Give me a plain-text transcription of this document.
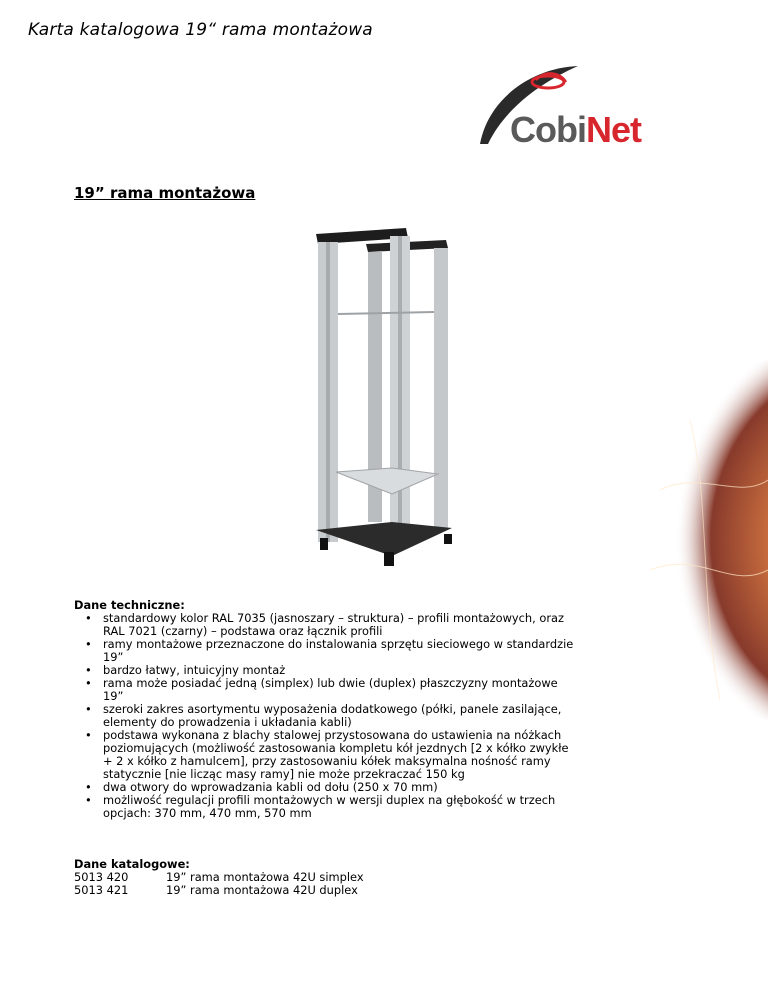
Karta katalogowa 19“ rama montażowa
Cobi Net
19” rama montażowa
Dane techniczne:
• standardowy kolor RAL 7035 (jasnoszary – struktura) – profili montażowych, oraz
RAL 7021 (czarny) – podstawa oraz łącznik profili
• ramy montażowe przeznaczone do instalowania sprzętu sieciowego w standardzie
19”
• bardzo łatwy, intuicyjny montaż
• rama może posiadać jedną (simplex) lub dwie (duplex) płaszczyzny montażowe
19”
• szeroki zakres asortymentu wyposażenia dodatkowego (półki, panele zasilające,
elementy do prowadzenia i układania kabli)
• podstawa wykonana z blachy stalowej przystosowana do ustawienia na nóżkach
poziomujących (możliwość zastosowania kompletu kół jezdnych [2 x kółko zwykłe
+ 2 x kółko z hamulcem], przy zastosowaniu kółek maksymalna nośność ramy
statycznie [nie licząc masy ramy] nie może przekraczać 150 kg
• dwa otwory do wprowadzania kabli od dołu (250 x 70 mm)
• możliwość regulacji profili montażowych w wersji duplex na głębokość w trzech
opcjach: 370 mm, 470 mm, 570 mm
Dane katalogowe:
5013 420	19” rama montażowa 42U simplex
5013 421	19” rama montażowa 42U duplex
